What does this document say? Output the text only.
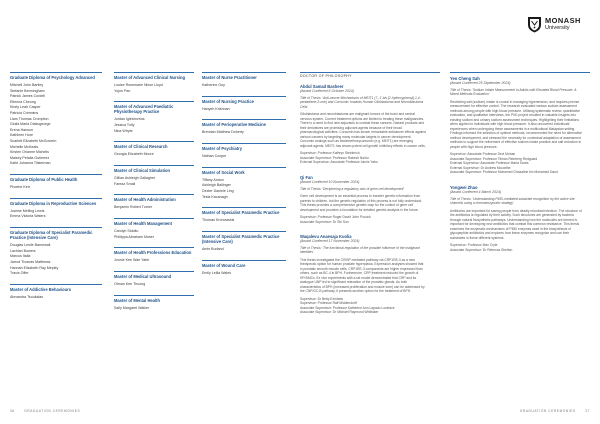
MONASH
University
Graduate Diploma of Psychology Advanced
Mitchell John Bartley
Stefanie Bermingham
Patrick James Cordell
Etienna Cheung
Kirsty Leah Casper
Patricia Crimmins
Liam Thomas Crompton
Giulia Maria Diakogeorge
Erena Hanson
Kathleen Hore
Scarlett Elizabeth McGoverin
Michelle McKeats
Kirsten Orianne Michelis
Maisey Petalia Gutierrez
Kaite Johanna Tilsterman
Graduate Diploma of Public Health
Phoebe Kerr
Graduate Diploma in Reproductive Sciences
Joanne Melling Lewis
Emma Victoria Waters
Graduate Diploma of Specialist Paramedic Practice (Intensive Care)
Douglas Leslie Barnewall
Lachlan Bowers
Marcus Italia
Jarrod Thomas Matthews
Hannah Elizabeth Ray Mepley
Travis Offer
Master of Addictive Behaviours
Alexandra Tsoukalas
Master of Advanced Clinical Nursing
Louise Rosemarie Nixon Lloyd
Yujun Pan
Master of Advanced Paediatric Physiotherapy Practice
Jordan Iglesborrius
Jessica Tully
Nina Whyte
Master of Clinical Research
Georgia Elizabeth Moore
Master of Clinical Simulation
Gillian Ashleigh Gallagher
Fareaz Small
Master of Health Administration
Benjamin Robert Turner
Master of Health Management
Carolyn Sidoltu
Phillippa Abraham Moser
Master of Health Professions Education
Jonnie Kee Wan Yatei
Master of Medical Ultrasound
Otman Kee Thuong
Master of Mental Health
Sally Margaret Walker
Master of Nurse Practitioner
Katherine Guy
Master of Nursing Practice
Hanyeh Krishnan
Master of Perioperative Medicine
Brendan Matthew Doherty
Master of Psychiatry
Nathan Cooper
Master of Social Work
Tiffany Andon
Ashleigh Ballinger
Dexter Daniele Ling
Tesla Kavanagh
Master of Specialist Paramedic Practice
Thomas Kronowskis
Master of Specialist Paramedic Practice (Intensive Care)
Amie Burland
Master of Wound Care
Emily Leilla Wales
DOCTOR OF PHILOSOPHY
Abdul Samad Basheer
(Award Conferred 6 October 2024)
Title of Thesis: 'Anti-cancer Mechanisms of MEIT1 (7-,1'-bis [2-hydroxyphenyl]-1,4-pentadiene-3-one) and Curcumin: towards Human Glioblastoma and Neuroblastoma Cells'
Glioblastoma and neuroblastoma are malignant tumors of the brain and central nervous system. Current treatment options are limited to treating these malignancies. There is a need to find new adjuvants to combat these cancers. Natural products and their derivatives are promising adjuvant agents because of their broad pharmacological activities. Curcumin has shown remarkable anticancer effects against various cancers by targeting many molecular targets in cancer development. Curcumin analogs such as bisdemethoxycurcumin (e.g. MEIT1) are emerging adjuvant agents. MEIT1 has shown potent cell growth inhibitory effects in cancer cells.
Supervisor: Professor Kathryn Steinbrich
Associate Supervisor: Professor Rakesh Naidu
External Supervisor: Associate Professor Ionnis Yabu
Qi Fan
(Award Conferred 10 November 2024)
Title of Thesis: 'Deciphering a regulatory axis of germ cell development'
Germ cell development is an essential process to transfer genetic information from parents to children, but the genetic regulation of this process is not fully understood. This thesis provides a comprehensive genetic map for the control of germ cell development and provides a foundation for detailed genetic analysis in the future.
Supervisor: Professor Roger David John Pocock
Associate Supervisor: Dr Shi Sun
Waqalevu Anaesaja Kuolia
(Award Conferred 17 November 2024)
Title of Thesis: 'The functional regulation of the prostate Influence of the malignant identities'
This thesis investigated the CRISP mediated pathway via CRP1RE-3 as a new therapeutic option for human prostate hyperplasia. Expression analyses showed that in prostatic smooth muscle cells, CRP1RE-3 components are higher expressed than others, such as BC-4 in BPH. Furthermore, CRP treatment reduced the growth of HPrSMCs. Ex vivo experiments with a rat model demonstrated that CRP and its analogue UNP led to significant relaxation of the prostatic glands. As both characteristics of BPH (increased proliferation and muscle tone) can be addressed by the CNP/GC-B pathway, it presents another option for the treatment of BPH.
Supervisor: Dr Betty Exintaris
Supervisor: Professor Ralf Middendorff
Associate Supervisor: Professor Katherine Ann Lapadu Lovelace
Associate Supervisor: Dr Michael Raymond Whittaker
Yeo Cheng Sah
(Award Conferred 25 September 2024)
Title of Thesis: 'Sodium Intake Measurement in Adults with Elevated Blood Pressure: A Mixed Methods Evaluation'
Restricting salt (sodium) intake is crucial in managing hypertension, and requires precise measurement for effective control. The research evaluated various sodium assessment methods among people with high blood pressure. Utilising systematic review, quantitative evaluation, and qualitative interviews, the PhD project resulted in valuable insights into existing sodium and urinary sodium assessment techniques. Highlighting their limitations when applied to individuals with high blood pressure. It also uncovered individuals' experiences when undergoing these assessments in a multicultural Malaysian setting. Findings informed the selection of optimal methods, recommended the need for alternative method development, and stressed the necessity for contextual adaptation of assessment methods to support the refinement of effective sodium intake practice and salt reduction in people with high blood pressure.
Supervisor: Associate Professor Devi Mohan
Associate Supervisor: Professor Tilman Reinberg Redguard
External Supervisor: Associate Professor Maria Santa
External Supervisor: Dr Andrew Mccarthe
Associate Supervisor: Professor Mohamed Ghazaline bin Mohamed Daud
Yongwei Zhao
(Award Conferred 4 March 2024)
Title of Thesis: 'Understanding P450-mediated substrate recognition by the active site channels using a chemoenzymatic strategy'
Antibiotics are important for saving people from deadly microbial infection. The structure of the antibiotics is regulated by their activity. Such structures are generated by bacteria through natural biosynthetic pathways. Understanding how the molecules are formed is important for developing new antibiotics that combat this common resistance. This thesis examines the enzymatic mechanisms of P450 enzymes used in the biosynthesis of glycopeptide antibiotics and explores how these enzymes recognise and use their substrates in these different systems.
Supervisor: Professor Max Cryle
Associate Supervisor: Dr Rebecca Shelton
36	GRADUATION CEREMONIES	GRADUATION CEREMONIES	37
